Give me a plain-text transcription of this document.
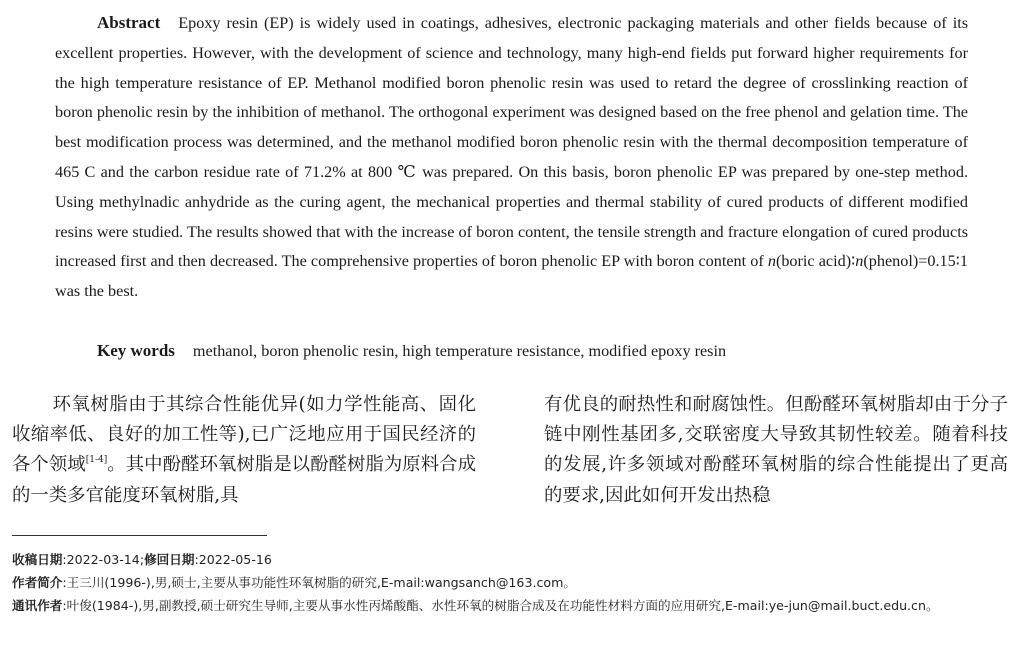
Abstract Epoxy resin (EP) is widely used in coatings, adhesives, electronic packaging materials and other fields because of its excellent properties. However, with the development of science and technology, many high-end fields put forward higher requirements for the high temperature resistance of EP. Methanol modified boron phenolic resin was used to retard the degree of crosslinking reaction of boron phenolic resin by the inhibition of methanol. The orthogonal experiment was designed based on the free phenol and gelation time. The best modification process was determined, and the methanol modified boron phenolic resin with the thermal decomposition temperature of 465 C and the carbon residue rate of 71.2% at 800 ℃ was prepared. On this basis, boron phenolic EP was prepared by one-step method. Using methylnadic anhydride as the curing agent, the mechanical properties and thermal stability of cured products of different modified resins were studied. The results showed that with the increase of boron content, the tensile strength and fracture elongation of cured products increased first and then decreased. The comprehensive properties of boron phenolic EP with boron content of n(boric acid)∶n(phenol)=0.15∶1 was the best.
Key words methanol, boron phenolic resin, high temperature resistance, modified epoxy resin
环氧树脂由于其综合性能优异(如力学性能高、固化收缩率低、良好的加工性等),已广泛地应用于国民经济的各个领域[1-4]。其中酚醛环氧树脂是以酚醛树脂为原料合成的一类多官能度环氧树脂,具
有优良的耐热性和耐腐蚀性。但酚醛环氧树脂却由于分子链中刚性基团多,交联密度大导致其韧性较差。随着科技的发展,许多领域对酚醛环氧树脂的综合性能提出了更高的要求,因此如何开发出热稳
收稿日期:2022-03-14;修回日期:2022-05-16
作者简介:王三川(1996-),男,硕士,主要从事功能性环氧树脂的研究,E-mail:wangsanch@163.com。
通讯作者:叶俊(1984-),男,副教授,硕士研究生导师,主要从事水性丙烯酸酯、水性环氧的树脂合成及在功能性材料方面的应用研究,E-mail:ye-jun@mail.buct.edu.cn。
